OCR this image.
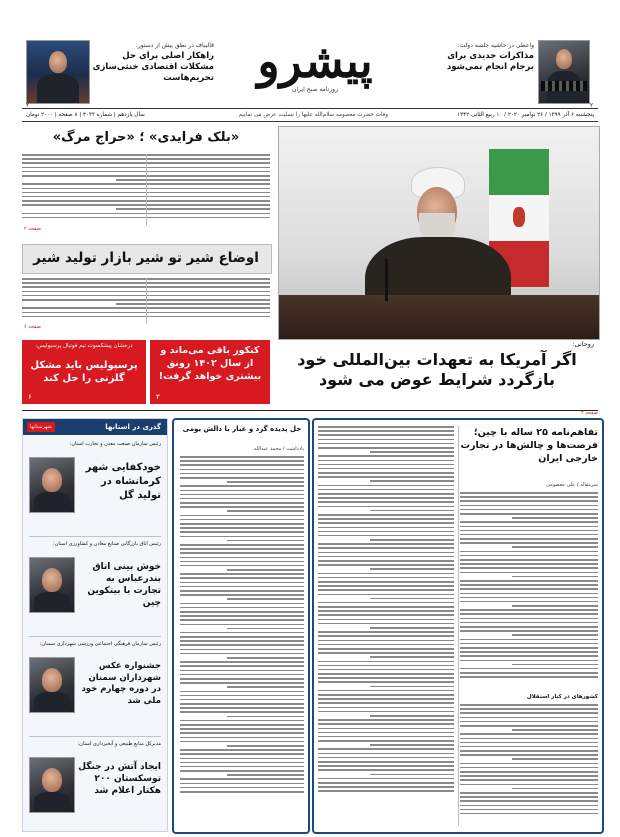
واعظی در حاشیه جلسه دولت:
مذاکرات جدیدی برای برجام انجام نمی‌شود
۲
پیشرو
روزنامه صبح ایران
قالیباف در نطق پیش از دستور:
راهکار اصلی برای حل مشکلات اقتصادی خنثی‌سازی تحریم‌هاست
۲
پنجشنبه ۶ آذر ۱۳۹۹ / ۲۶ نوامبر ۲۰۲۰ / ۱۰ ربیع الثانی ۱۴۴۲
وفات حضرت معصومه سلام‌الله علیها را تسلیت عرض می نماییم
سال یازدهم | شماره ۴۰۴۳ | ۸ صفحه | ۲۰۰۰ تومان
«بلک فرایدی» ؛ «حراج مرگ»
صفحه ۲
اوضاع شیر تو شیر بازار تولید شیر
صفحه ۶
روحانی:
اگر آمریکا به تعهدات بین‌المللی خود بازگردد شرایط عوض می شود
کنکور باقی می‌ماند و از سال ۱۴۰۲ رونق بیشتری خواهد گرفت!
۳
درخشان پیشکسوت تیم فوتبال پرسپولیس:
پرسپولیس باید مشکل گلزنی را حل کند
۶
صفحه ۲
تفاهم‌نامه ۲۵ ساله با چین؛ فرصت‌ها و چالش‌ها در تجارت خارجی ایران
سرمقاله / علی معصومی
کشورهای در کنار استقلال
حل پدیده گرد و غبار با دالش بومی
یادداشت / محمد عبدالله
گذری در استانها
شهرستانها
رئیس سازمان صنعت معدن و تجارت استان:
خودکفایی شهر کرمانشاه در تولید گل
رئیس اتاق بازرگانی صنایع معادن و کشاورزی استان:
خوش بینی اتاق بندرعباس به تجارت با بیتکوین چین
رئیس سازمان فرهنگی اجتماعی ورزشی شهرداری سمنان:
جشنواره عکس شهرداران سمنان در دوره چهارم خود ملی شد
مدیرکل منابع طبیعی و آبخیزداری استان:
ایجاد آتش در جنگل توسکستان ۲۰۰ هکتار اعلام شد
